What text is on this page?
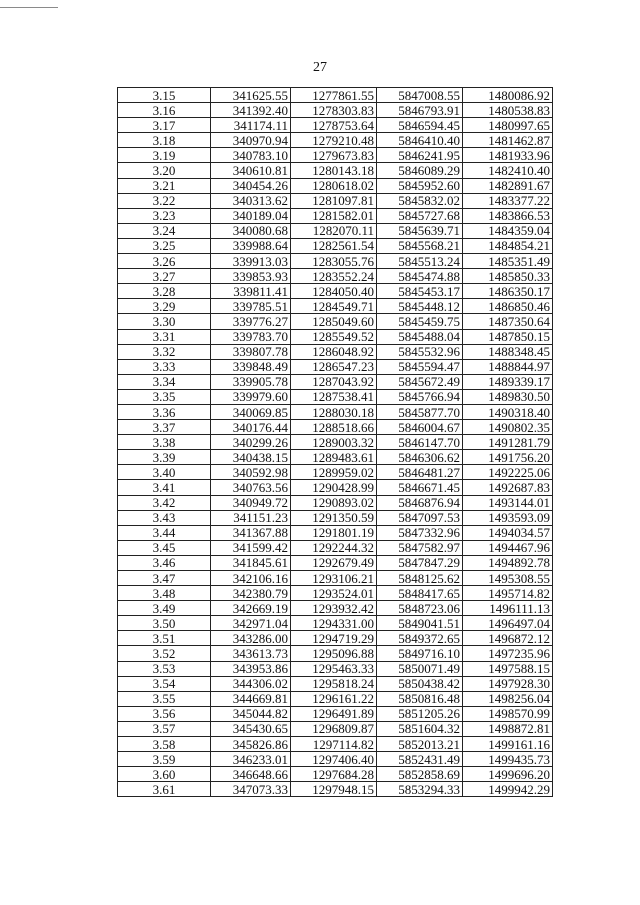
27
3.15	341625.55	1277861.55	5847008.55	1480086.92
3.16	341392.40	1278303.83	5846793.91	1480538.83
3.17	341174.11	1278753.64	5846594.45	1480997.65
3.18	340970.94	1279210.48	5846410.40	1481462.87
3.19	340783.10	1279673.83	5846241.95	1481933.96
3.20	340610.81	1280143.18	5846089.29	1482410.40
3.21	340454.26	1280618.02	5845952.60	1482891.67
3.22	340313.62	1281097.81	5845832.02	1483377.22
3.23	340189.04	1281582.01	5845727.68	1483866.53
3.24	340080.68	1282070.11	5845639.71	1484359.04
3.25	339988.64	1282561.54	5845568.21	1484854.21
3.26	339913.03	1283055.76	5845513.24	1485351.49
3.27	339853.93	1283552.24	5845474.88	1485850.33
3.28	339811.41	1284050.40	5845453.17	1486350.17
3.29	339785.51	1284549.71	5845448.12	1486850.46
3.30	339776.27	1285049.60	5845459.75	1487350.64
3.31	339783.70	1285549.52	5845488.04	1487850.15
3.32	339807.78	1286048.92	5845532.96	1488348.45
3.33	339848.49	1286547.23	5845594.47	1488844.97
3.34	339905.78	1287043.92	5845672.49	1489339.17
3.35	339979.60	1287538.41	5845766.94	1489830.50
3.36	340069.85	1288030.18	5845877.70	1490318.40
3.37	340176.44	1288518.66	5846004.67	1490802.35
3.38	340299.26	1289003.32	5846147.70	1491281.79
3.39	340438.15	1289483.61	5846306.62	1491756.20
3.40	340592.98	1289959.02	5846481.27	1492225.06
3.41	340763.56	1290428.99	5846671.45	1492687.83
3.42	340949.72	1290893.02	5846876.94	1493144.01
3.43	341151.23	1291350.59	5847097.53	1493593.09
3.44	341367.88	1291801.19	5847332.96	1494034.57
3.45	341599.42	1292244.32	5847582.97	1494467.96
3.46	341845.61	1292679.49	5847847.29	1494892.78
3.47	342106.16	1293106.21	5848125.62	1495308.55
3.48	342380.79	1293524.01	5848417.65	1495714.82
3.49	342669.19	1293932.42	5848723.06	1496111.13
3.50	342971.04	1294331.00	5849041.51	1496497.04
3.51	343286.00	1294719.29	5849372.65	1496872.12
3.52	343613.73	1295096.88	5849716.10	1497235.96
3.53	343953.86	1295463.33	5850071.49	1497588.15
3.54	344306.02	1295818.24	5850438.42	1497928.30
3.55	344669.81	1296161.22	5850816.48	1498256.04
3.56	345044.82	1296491.89	5851205.26	1498570.99
3.57	345430.65	1296809.87	5851604.32	1498872.81
3.58	345826.86	1297114.82	5852013.21	1499161.16
3.59	346233.01	1297406.40	5852431.49	1499435.73
3.60	346648.66	1297684.28	5852858.69	1499696.20
3.61	347073.33	1297948.15	5853294.33	1499942.29
